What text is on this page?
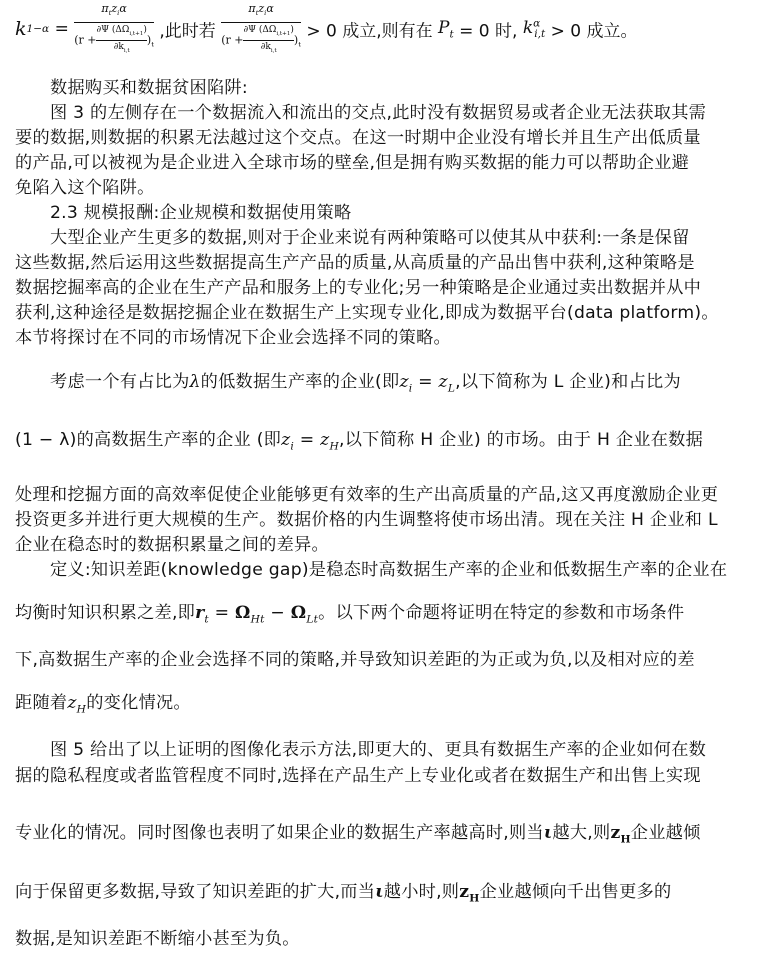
$k1-\alpha = \pi_tz_i\alpha$
(r +∂Ψ $(\Delta\Omega_{i,t+1})$
$\partial k_{i,t})_t$ ,此时若 $\pi_tz_i\alpha$
(r +∂Ψ $(\Delta\Omega_{i,t+1})$
$\partial k_{i,t})_t > 0$ 成立,则有在 $P_t = 0$ 时, $k^\alpha_{i,t} > 0$ 成立。
数据购买和数据贫困陷阱:
图 3 的左侧存在一个数据流入和流出的交点,此时没有数据贸易或者企业无法获取其需
要的数据,则数据的积累无法越过这个交点。在这一时期中企业没有增长并且生产出低质量
的产品,可以被视为是企业进入全球市场的壁垒,但是拥有购买数据的能力可以帮助企业避
免陷入这个陷阱。
2.3 规模报酬:企业规模和数据使用策略
大型企业产生更多的数据,则对于企业来说有两种策略可以使其从中获利:一条是保留
这些数据,然后运用这些数据提高生产产品的质量,从高质量的产品出售中获利,这种策略是
数据挖掘率高的企业在生产产品和服务上的专业化;另一种策略是企业通过卖出数据并从中
获利,这种途径是数据挖掘企业在数据生产上实现专业化,即成为数据平台(data platform)。
本节将探讨在不同的市场情况下企业会选择不同的策略。
考虑一个有占比为λ的低数据生产率的企业(即$z_i = z_L$,以下简称为 L 企业)和占比为
(1 − λ)的高数据生产率的企业 (即$z_i = z_H$,以下简称 H 企业) 的市场。由于 H 企业在数据
处理和挖掘方面的高效率促使企业能够更有效率的生产出高质量的产品,这又再度激励企业更
投资更多并进行更大规模的生产。数据价格的内生调整将使市场出清。现在关注 H 企业和 L
企业在稳态时的数据积累量之间的差异。
定义:知识差距(knowledge gap)是稳态时高数据生产率的企业和低数据生产率的企业在
均衡时知识积累之差,即$r_t = \Omega_{Ht} - \Omega_{Lt}$。以下两个命题将证明在特定的参数和市场条件
下,高数据生产率的企业会选择不同的策略,并导致知识差距的为正或为负,以及相对应的差
距随着$z_H$的变化情况。
图 5 给出了以上证明的图像化表示方法,即更大的、更具有数据生产率的企业如何在数
据的隐私程度或者监管程度不同时,选择在产品生产上专业化或者在数据生产和出售上实现
专业化的情况。同时图像也表明了如果企业的数据生产率越高时,则当ι越大,则$z_H$企业越倾
向于保留更多数据,导致了知识差距的扩大,而当ι越小时,则$z_H$企业越倾向千出售更多的
数据,是知识差距不断缩小甚至为负。
